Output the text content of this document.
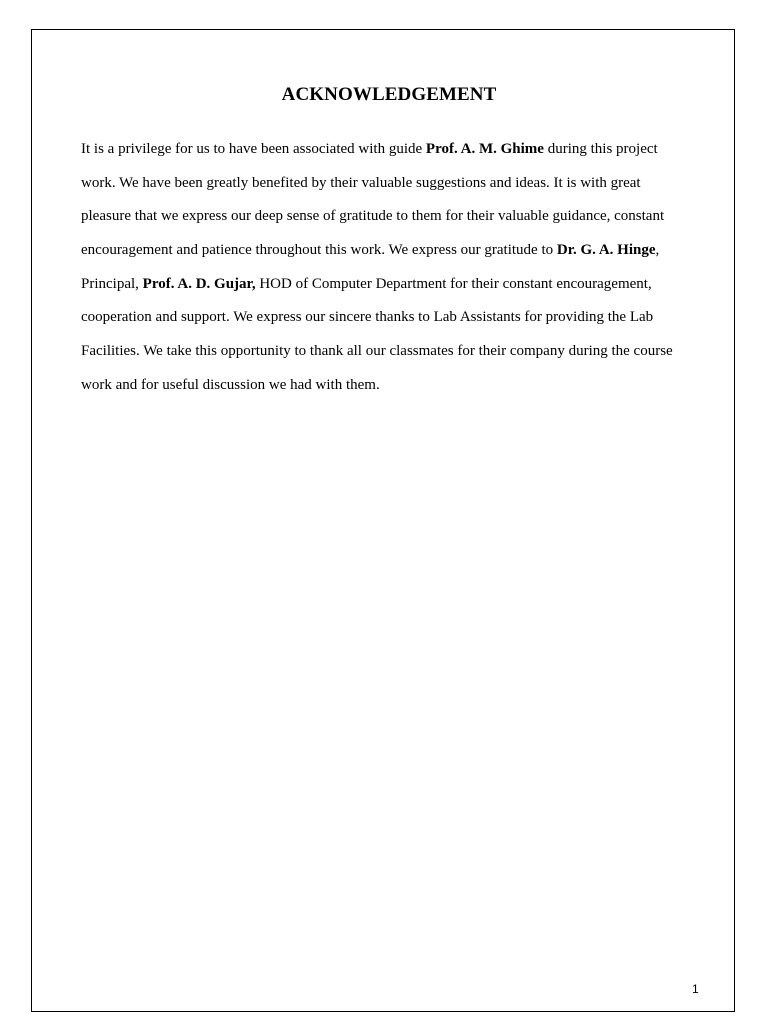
ACKNOWLEDGEMENT
It is a privilege for us to have been associated with guide Prof. A. M. Ghime during this project
work. We have been greatly benefited by their valuable suggestions and ideas. It is with great
pleasure that we express our deep sense of gratitude to them for their valuable guidance, constant
encouragement and patience throughout this work. We express our gratitude to Dr. G. A. Hinge,
Principal, Prof. A. D. Gujar, HOD of Computer Department for their constant encouragement,
cooperation and support. We express our sincere thanks to Lab Assistants for providing the Lab
Facilities. We take this opportunity to thank all our classmates for their company during the course
work and for useful discussion we had with them.
1
